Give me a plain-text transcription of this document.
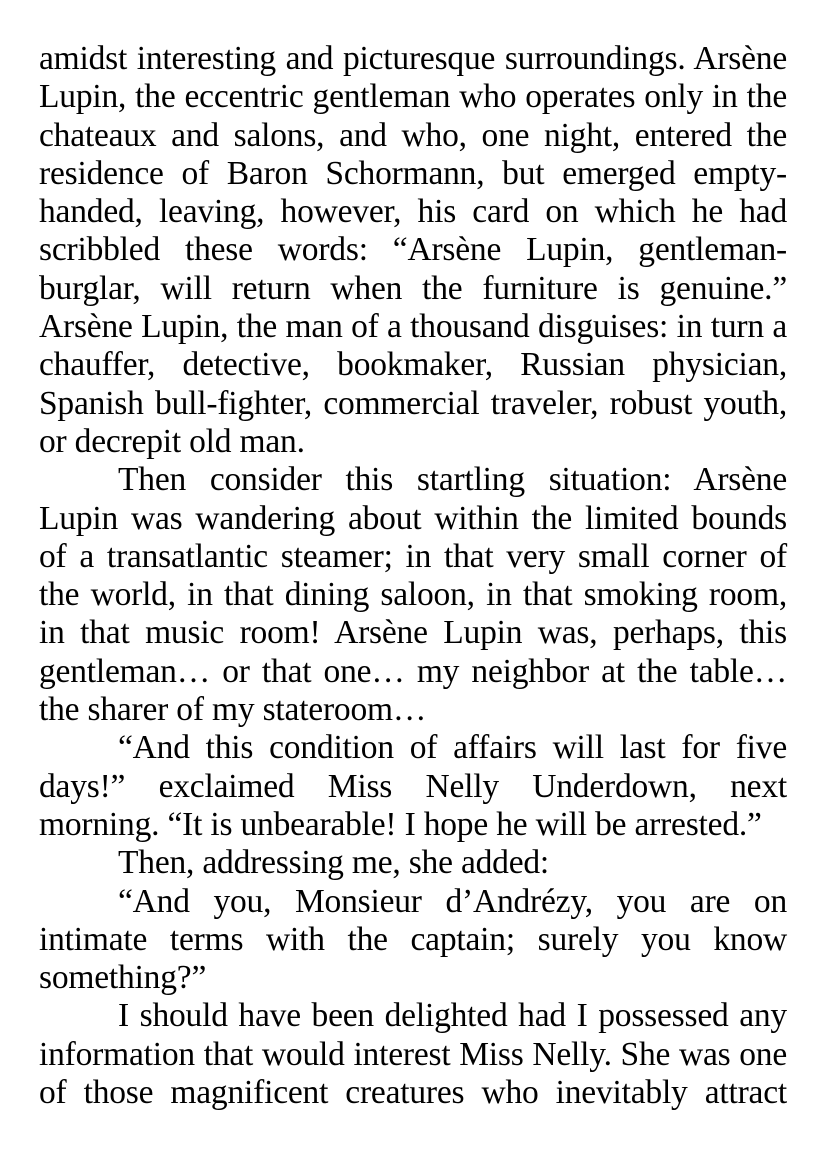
amidst interesting and picturesque surroundings. Arsène Lupin, the eccentric gentleman who operates only in the chateaux and salons, and who, one night, entered the residence of Baron Schormann, but emerged empty-handed, leaving, however, his card on which he had scribbled these words: “Arsène Lupin, gentleman-burglar, will return when the furniture is genuine.” Arsène Lupin, the man of a thousand disguises: in turn a chauffer, detective, bookmaker, Russian physician, Spanish bull-fighter, commercial traveler, robust youth, or decrepit old man.

Then consider this startling situation: Arsène Lupin was wandering about within the limited bounds of a transatlantic steamer; in that very small corner of the world, in that dining saloon, in that smoking room, in that music room! Arsène Lupin was, perhaps, this gentleman… or that one… my neighbor at the table… the sharer of my stateroom…

“And this condition of affairs will last for five days!” exclaimed Miss Nelly Underdown, next morning. “It is unbearable! I hope he will be arrested.”

Then, addressing me, she added:

“And you, Monsieur d’Andrézy, you are on intimate terms with the captain; surely you know something?”

I should have been delighted had I possessed any information that would interest Miss Nelly. She was one of those magnificent creatures who inevitably attract
